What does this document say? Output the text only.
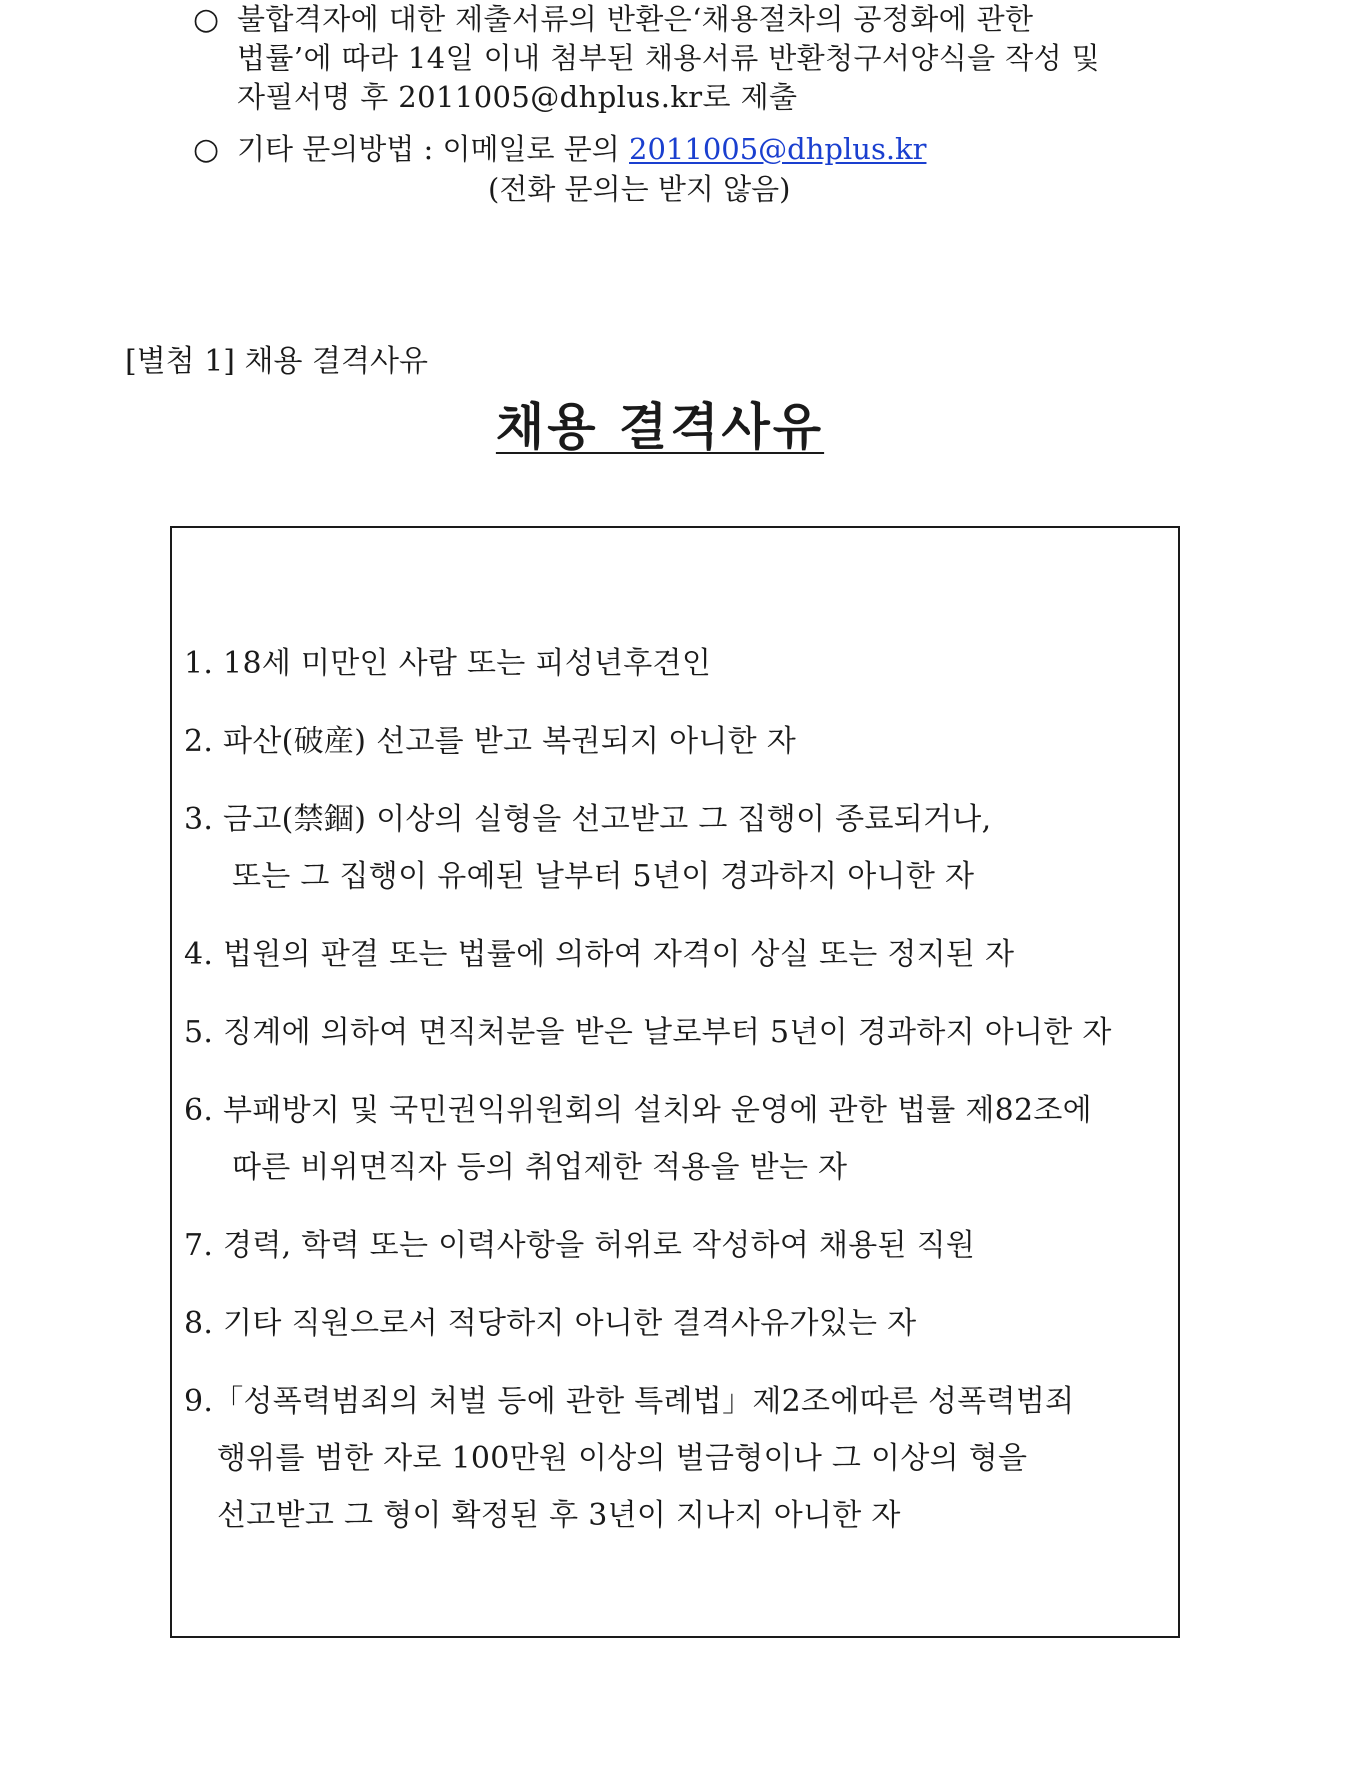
○ 불합격자에 대한 제출서류의 반환은‘채용절차의 공정화에 관한
법률’에 따라 14일 이내 첨부된 채용서류 반환청구서양식을 작성 및
자필서명 후 2011005@dhplus.kr로 제출
○ 기타 문의방법 : 이메일로 문의 2011005@dhplus.kr
(전화 문의는 받지 않음)
[별첨 1] 채용 결격사유
채용 결격사유
1. 18세 미만인 사람 또는 피성년후견인
2. 파산(破産) 선고를 받고 복권되지 아니한 자
3. 금고(禁錮) 이상의 실형을 선고받고 그 집행이 종료되거나,
또는 그 집행이 유예된 날부터 5년이 경과하지 아니한 자
4. 법원의 판결 또는 법률에 의하여 자격이 상실 또는 정지된 자
5. 징계에 의하여 면직처분을 받은 날로부터 5년이 경과하지 아니한 자
6. 부패방지 및 국민권익위원회의 설치와 운영에 관한 법률 제82조에
따른 비위면직자 등의 취업제한 적용을 받는 자
7. 경력, 학력 또는 이력사항을 허위로 작성하여 채용된 직원
8. 기타 직원으로서 적당하지 아니한 결격사유가있는 자
9.「성폭력범죄의 처벌 등에 관한 특례법」제2조에따른 성폭력범죄
행위를 범한 자로 100만원 이상의 벌금형이나 그 이상의 형을
선고받고 그 형이 확정된 후 3년이 지나지 아니한 자
